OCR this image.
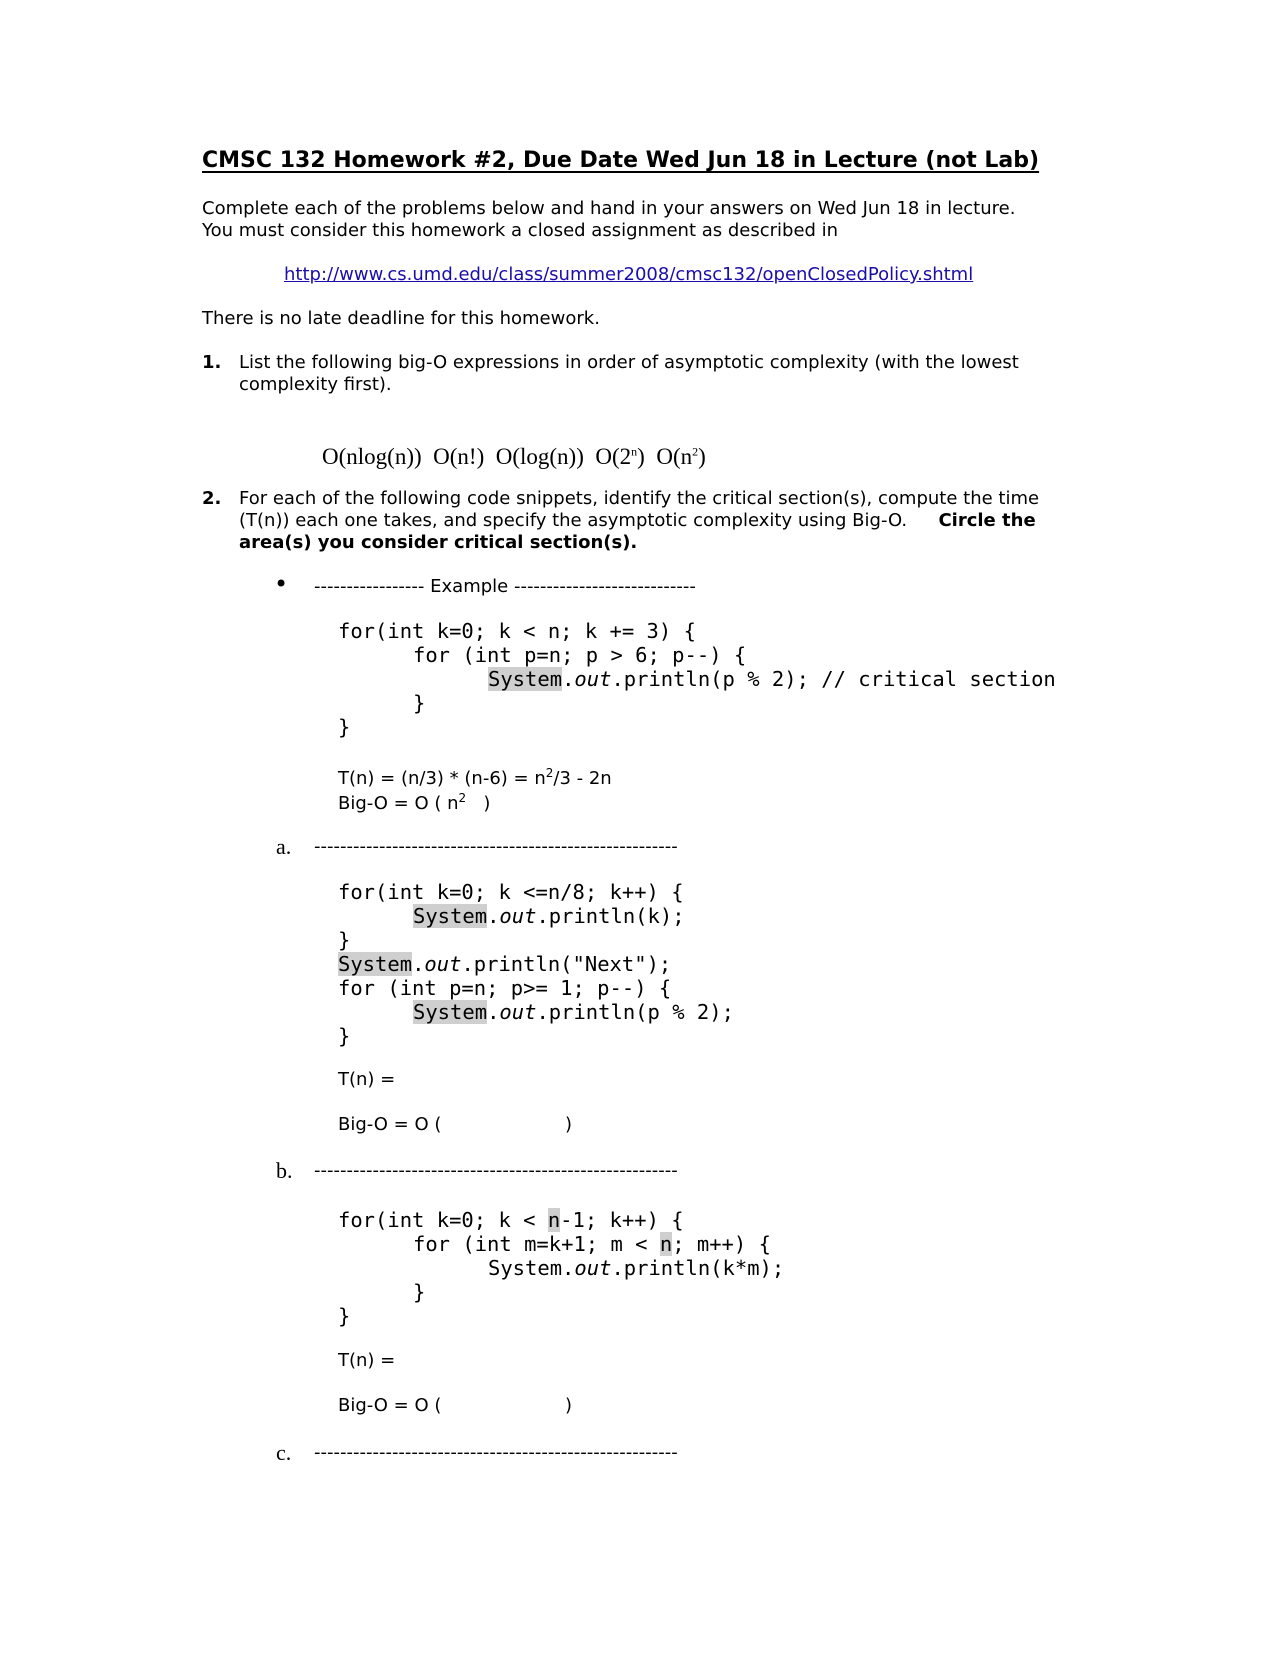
CMSC 132 Homework #2, Due Date Wed Jun 18 in Lecture (not Lab)
Complete each of the problems below and hand in your answers on Wed Jun 18 in lecture.
You must consider this homework a closed assignment as described in
http://www.cs.umd.edu/class/summer2008/cmsc132/openClosedPolicy.shtml
There is no late deadline for this homework.
1. List the following big-O expressions in order of asymptotic complexity (with the lowest
complexity first).

O(nlog(n)) O(n!) O(log(n)) O(2$^n$) $O(n^2)$

2. For each of the following code snippets, identify the critical section(s), compute the time
(T(n)) each one takes, and specify the asymptotic complexity using Big-O. Circle the
area(s) you consider critical section(s).
• ----------------- Example ----------------------------
for(int k=0; k < n; k += 3) {
for (int p=n; p > 6; p--) {
System.out.println(p % 2); // critical section
}
}
$T(n) = (n/3) * (n-6) = n^2/3 - 2n$
Big-O = O ( $n^2$ )
a. --------------------------------------------------------
for(int k=0; k <=n/8; k++) {
System.out.println(k);
}
System.out.println("Next");
for (int p=n; p>= 1; p--) {
System.out.println(p % 2);
}
T(n) =
Big-O = O (	)
b. --------------------------------------------------------
for(int k=0; k < n-1; k++) {
for (int m=k+1; m < n; m++) {
System.out.println(k*m);
}
}
T(n) =
Big-O = O (	)
c. --------------------------------------------------------
